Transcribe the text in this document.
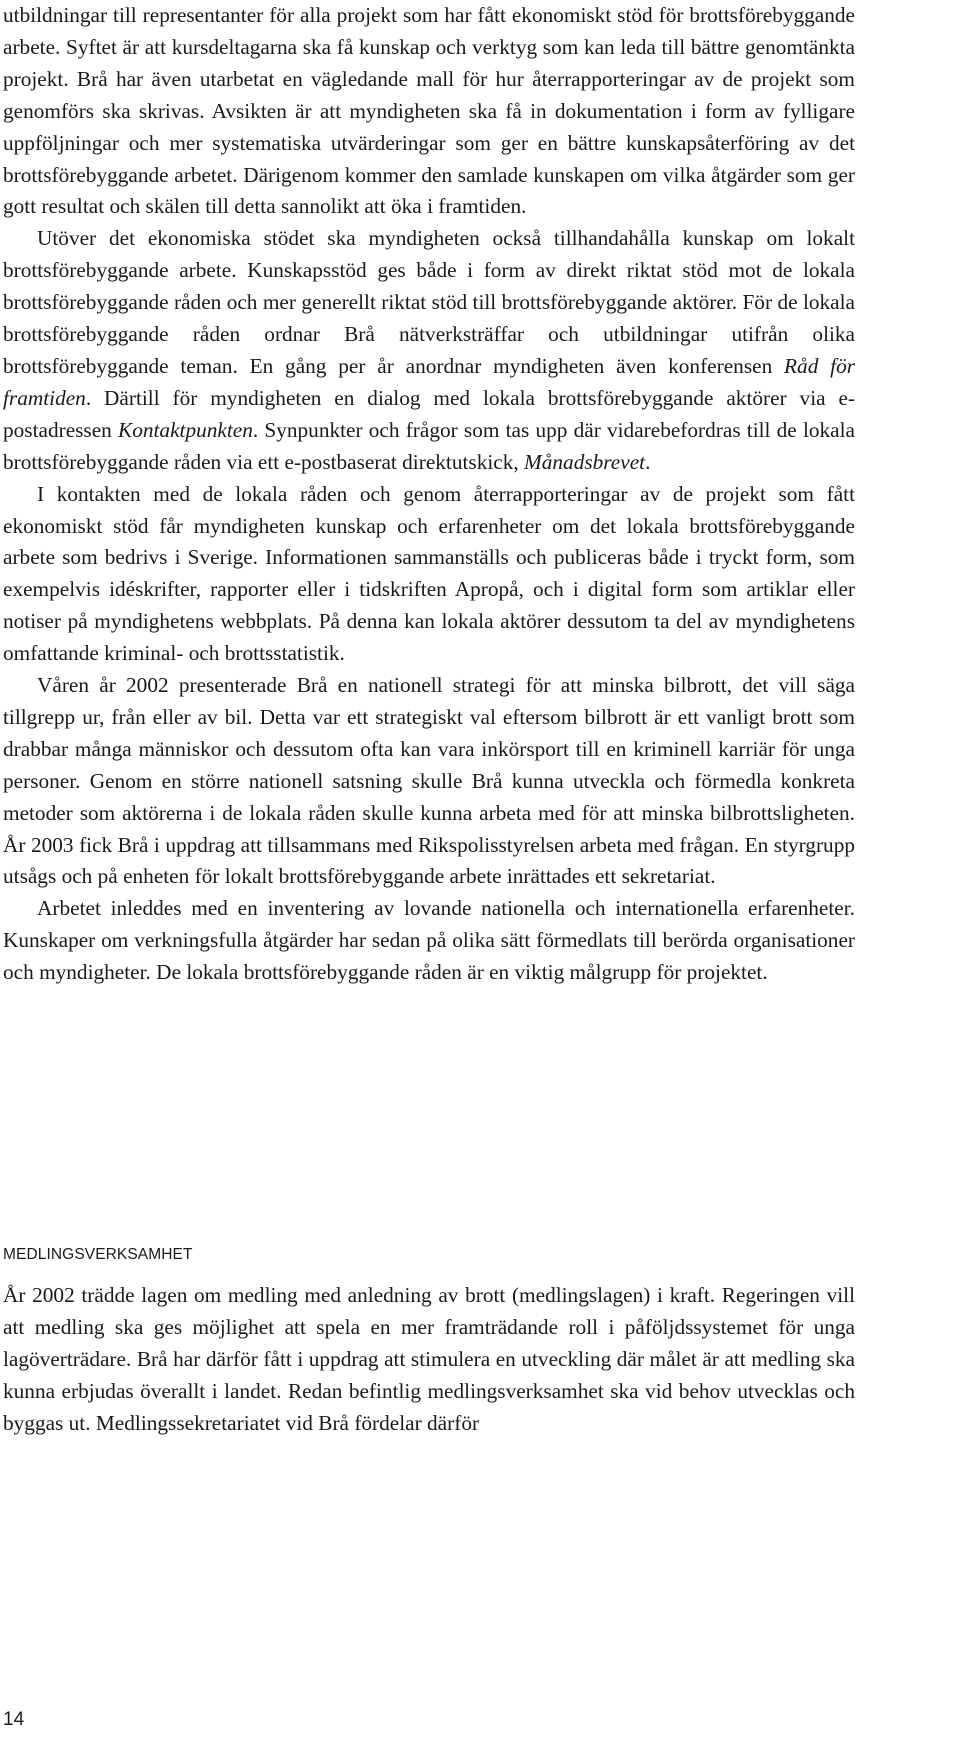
utbildningar till representanter för alla projekt som har fått ekonomiskt stöd för brottsförebyggande arbete. Syftet är att kursdeltagarna ska få kunskap och verktyg som kan leda till bättre genomtänkta projekt. Brå har även utarbetat en vägledande mall för hur återrapporteringar av de projekt som genomförs ska skrivas. Avsikten är att myndigheten ska få in dokumentation i form av fylligare uppföljningar och mer systematiska utvärderingar som ger en bättre kunskapsåterföring av det brottsförebyggande arbetet. Därigenom kommer den samlade kunskapen om vilka åtgärder som ger gott resultat och skälen till detta sannolikt att öka i framtiden.

Utöver det ekonomiska stödet ska myndigheten också tillhandahålla kunskap om lokalt brottsförebyggande arbete. Kunskapsstöd ges både i form av direkt riktat stöd mot de lokala brottsförebyggande råden och mer generellt riktat stöd till brottsförebyggande aktörer. För de lokala brottsförebyggande råden ordnar Brå nätverksträffar och utbildningar utifrån olika brottsförebyggande teman. En gång per år anordnar myndigheten även konferensen Råd för framtiden. Därtill för myndigheten en dialog med lokala brottsförebyggande aktörer via e-postadressen Kontaktpunkten. Synpunkter och frågor som tas upp där vidarebefordras till de lokala brottsförebyggande råden via ett e-postbaserat direktutskick, Månadsbrevet.

I kontakten med de lokala råden och genom återrapporteringar av de projekt som fått ekonomiskt stöd får myndigheten kunskap och erfarenheter om det lokala brottsförebyggande arbete som bedrivs i Sverige. Informationen sammanställs och publiceras både i tryckt form, som exempelvis idéskrifter, rapporter eller i tidskriften Apropå, och i digital form som artiklar eller notiser på myndighetens webbplats. På denna kan lokala aktörer dessutom ta del av myndighetens omfattande kriminal- och brottsstatistik.

Våren år 2002 presenterade Brå en nationell strategi för att minska bilbrott, det vill säga tillgrepp ur, från eller av bil. Detta var ett strategiskt val eftersom bilbrott är ett vanligt brott som drabbar många människor och dessutom ofta kan vara inkörsport till en kriminell karriär för unga personer. Genom en större nationell satsning skulle Brå kunna utveckla och förmedla konkreta metoder som aktörerna i de lokala råden skulle kunna arbeta med för att minska bilbrottsligheten. År 2003 fick Brå i uppdrag att tillsammans med Rikspolisstyrelsen arbeta med frågan. En styrgrupp utsågs och på enheten för lokalt brottsförebyggande arbete inrättades ett sekretariat.

Arbetet inleddes med en inventering av lovande nationella och internationella erfarenheter. Kunskaper om verkningsfulla åtgärder har sedan på olika sätt förmedlats till berörda organisationer och myndigheter. De lokala brottsförebyggande råden är en viktig målgrupp för projektet.

MEDLINGSVERKSAMHET

År 2002 trädde lagen om medling med anledning av brott (medlingslagen) i kraft. Regeringen vill att medling ska ges möjlighet att spela en mer framträdande roll i påföljdssystemet för unga lagöverträdare. Brå har därför fått i uppdrag att stimulera en utveckling där målet är att medling ska kunna erbjudas överallt i landet. Redan befintlig medlingsverksamhet ska vid behov utvecklas och byggas ut. Medlingssekretariatet vid Brå fördelar därför

14
